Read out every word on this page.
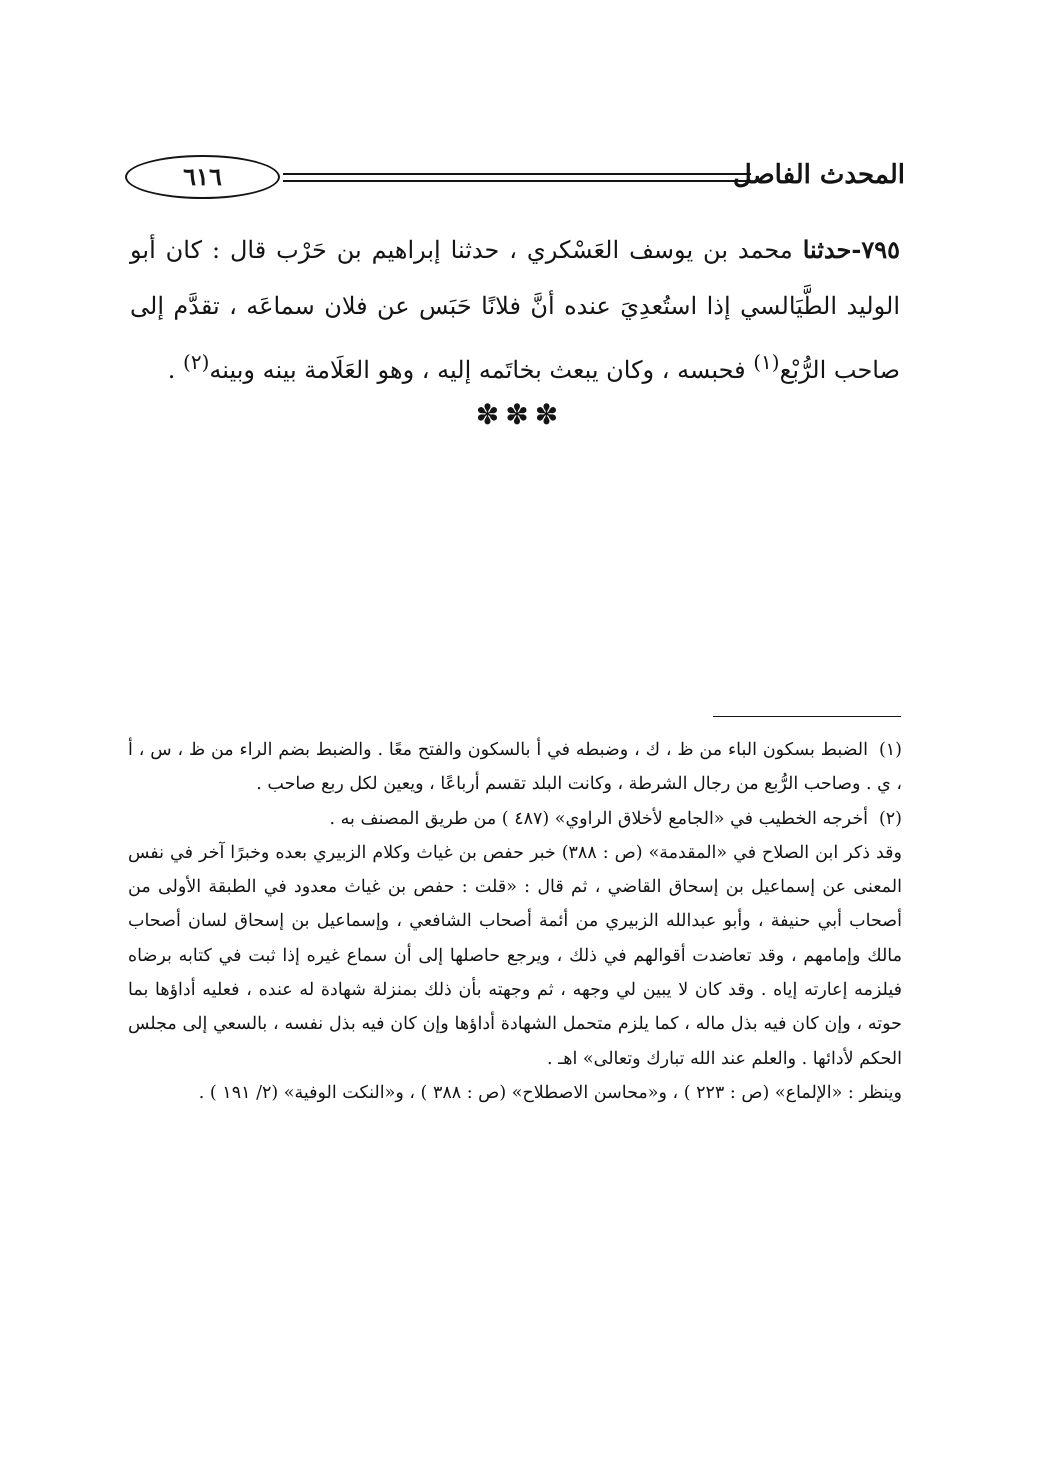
٦١٦	المحدث الفاصل
٧٩٥-حدثنا محمد بن يوسف العَسْكري ، حدثنا إبراهيم بن حَرْب قال : كان أبو الوليد الطَّيَالسي إذا استُعدِيَ عنده أنَّ فلانًا حَبَس عن فلان سماعَه ، تقدَّم إلى صاحب الرُّبْع$^{(١)}$ فحبسه ، وكان يبعث بخاتَمه إليه ، وهو العَلَامة بينه وبينه$^{(٢)}$ .
✽✽✽
(١)الضبط بسكون الباء من ظ ، ك ، وضبطه في أ بالسكون والفتح معًا . والضبط بضم الراء من ظ ، س ، أ ، ي . وصاحب الرُّبع من رجال الشرطة ، وكانت البلد تقسم أرباعًا ، ويعين لكل ربع صاحب .
(٢)أخرجه الخطيب في «الجامع لأخلاق الراوي» (٤٨٧ ) من طريق المصنف به .
وقد ذكر ابن الصلاح في «المقدمة» (ص : ٣٨٨) خبر حفص بن غياث وكلام الزبيري بعده وخبرًا آخر في نفس المعنى عن إسماعيل بن إسحاق القاضي ، ثم قال : «قلت : حفص بن غياث معدود في الطبقة الأولى من أصحاب أبي حنيفة ، وأبو عبدالله الزبيري من أئمة أصحاب الشافعي ، وإسماعيل بن إسحاق لسان أصحاب مالك وإمامهم ، وقد تعاضدت أقوالهم في ذلك ، ويرجع حاصلها إلى أن سماع غيره إذا ثبت في كتابه برضاه فيلزمه إعارته إياه . وقد كان لا يبين لي وجهه ، ثم وجهته بأن ذلك بمنزلة شهادة له عنده ، فعليه أداؤها بما حوته ، وإن كان فيه بذل ماله ، كما يلزم متحمل الشهادة أداؤها وإن كان فيه بذل نفسه ، بالسعي إلى مجلس الحكم لأدائها . والعلم عند الله تبارك وتعالى» اهـ .
وينظر : «الإلماع» (ص : ٢٢٣ ) ، و«محاسن الاصطلاح» (ص : ٣٨٨ ) ، و«النكت الوفية» (٢/ ١٩١ ) .
